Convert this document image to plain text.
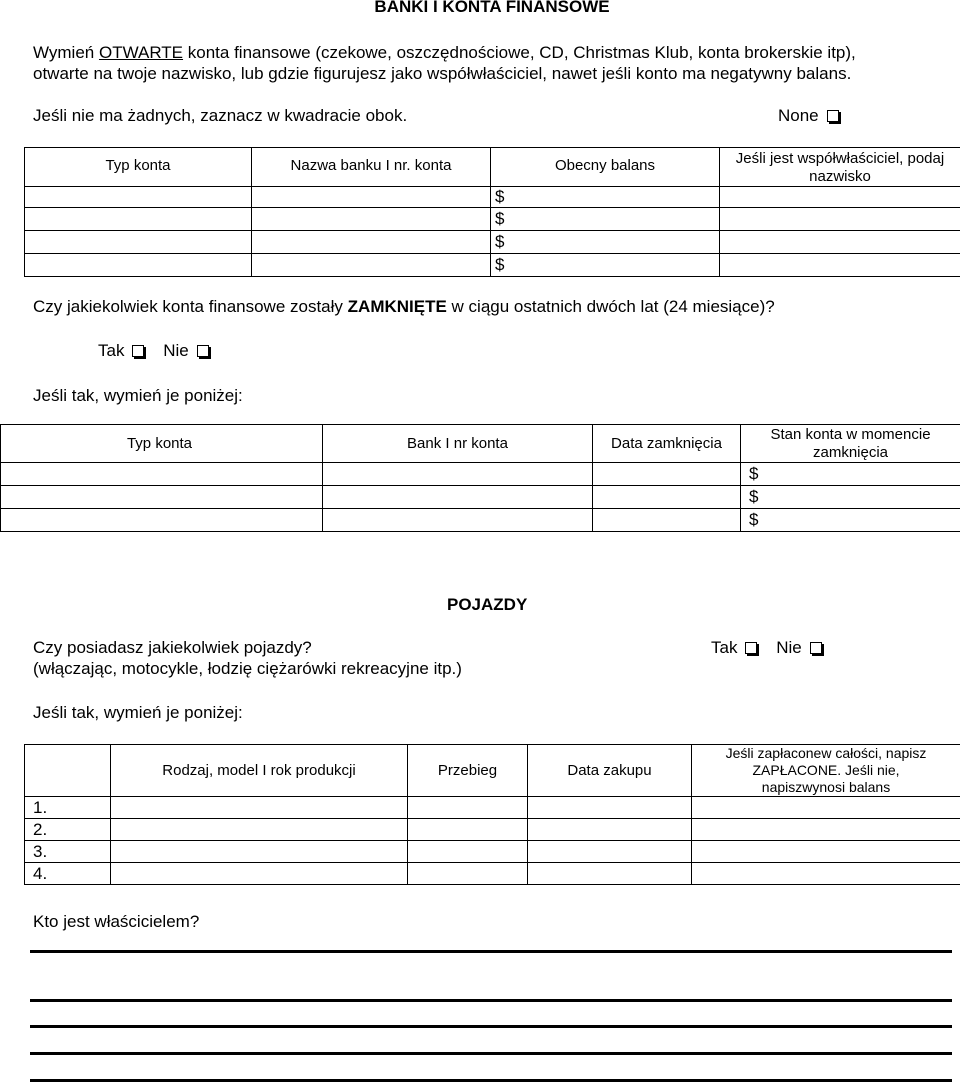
BANKI I KONTA FINANSOWE
Wymień OTWARTE konta finansowe (czekowe, oszczędnościowe, CD, Christmas Klub, konta brokerskie itp),
otwarte na twoje nazwisko, lub gdzie figurujesz jako współwłaściciel, nawet jeśli konto ma negatywny balans.
Jeśli nie ma żadnych, zaznacz w kwadracie obok.	None
Typ konta	Nazwa banku I nr. konta	Obecny balans	Jeśli jest współwłaściciel, podaj
nazwisko

		$	
		$	
		$	
		$	
Czy jakiekolwiek konta finansowe zostały ZAMKNIĘTE w ciągu ostatnich dwóch lat (24 miesiące)?
Tak Nie
Jeśli tak, wymień je poniżej:
Typ konta	Bank I nr konta	Data zamknięcia	Stan konta w momencie
zamknięcia

			$
			$
			$
POJAZDY
Czy posiadasz jakiekolwiek pojazdy?
(włączając, motocykle, łodzię ciężarówki rekreacyjne itp.)
Tak Nie
Jeśli tak, wymień je poniżej:
	Rodzaj, model I rok produkcji	Przebieg	Data zakupu	Jeśli zapłaconew całości, napisz
ZAPŁACONE. Jeśli nie,
napiszwynosi balans

1.				
2.				
3.				
4.				
Kto jest właścicielem?
